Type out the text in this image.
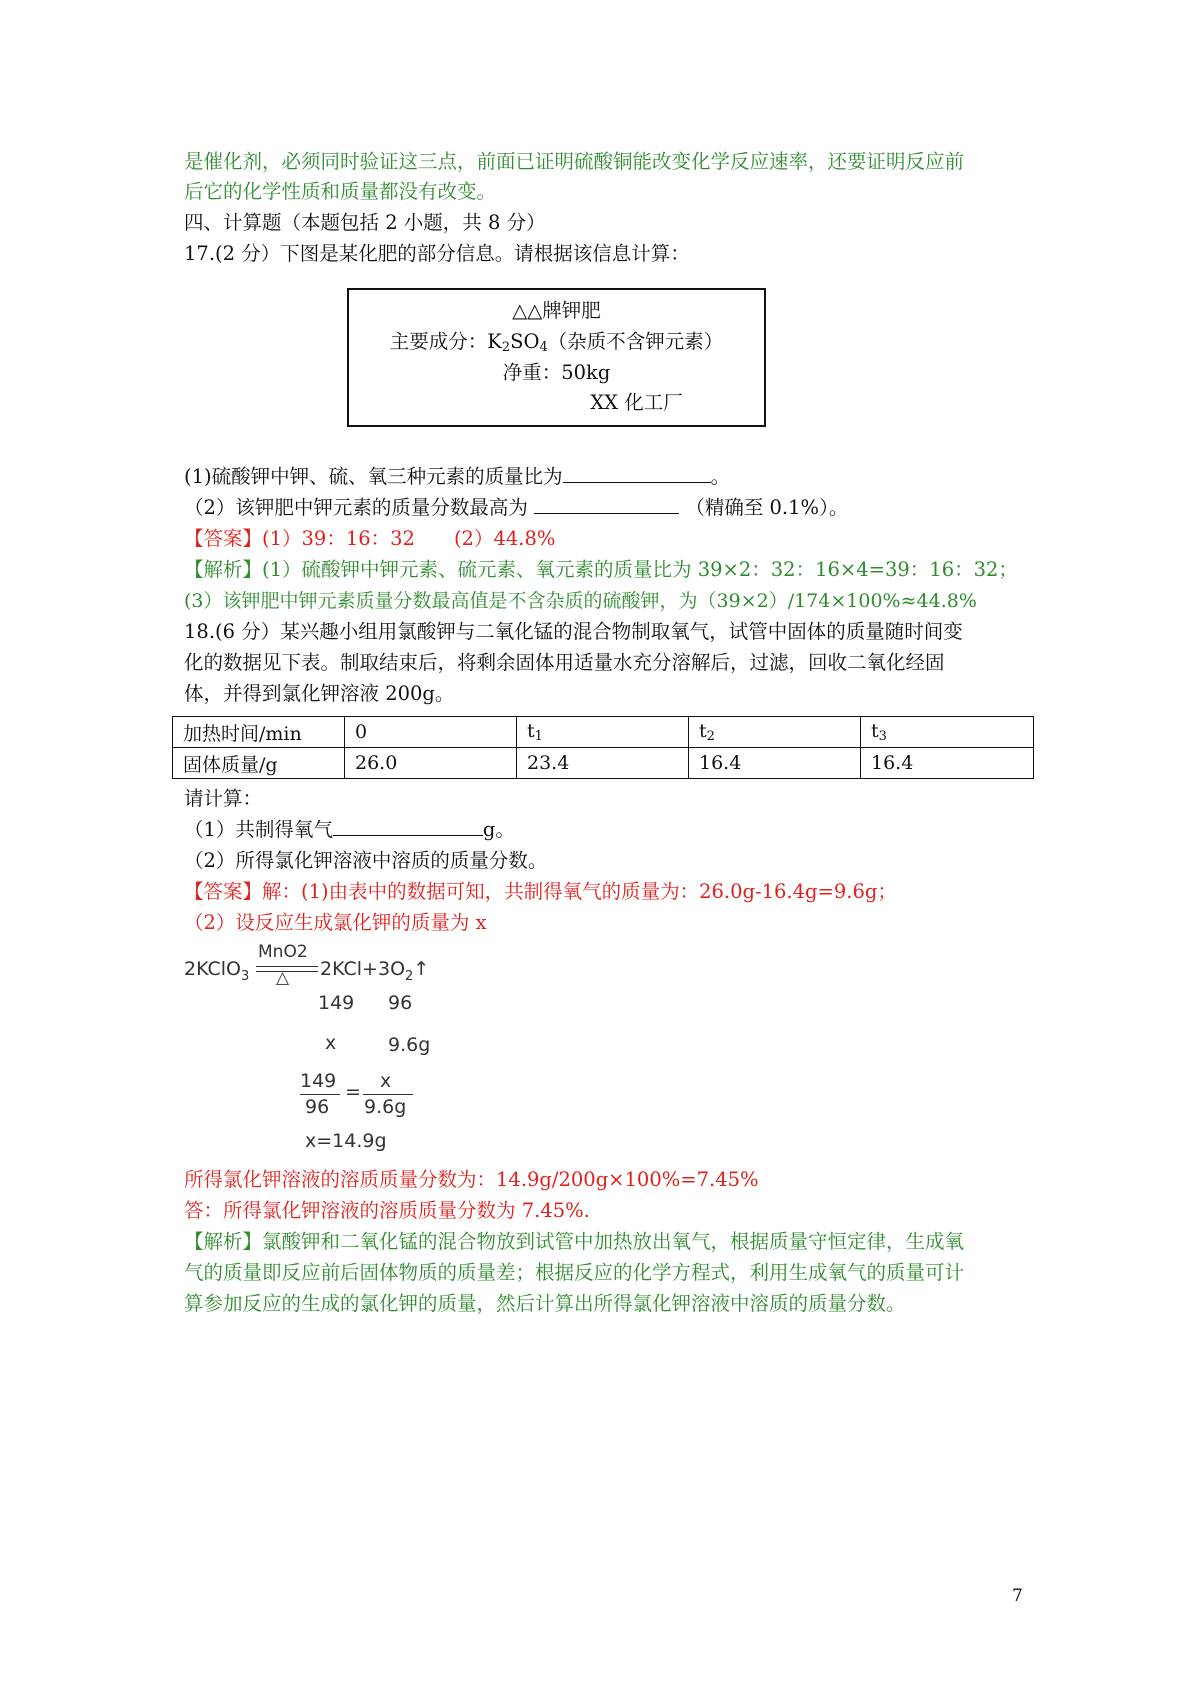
是催化剂，必须同时验证这三点，前面已证明硫酸铜能改变化学反应速率，还要证明反应前
后它的化学性质和质量都没有改变。
四、计算题（本题包括 2 小题，共 8 分）
17.(2 分）下图是某化肥的部分信息。请根据该信息计算：
△△牌钾肥
主要成分：$K_2SO_4$（杂质不含钾元素）
净重：50kg
XX 化工厂
(1)硫酸钾中钾、硫、氧三种元素的质量比为	。
（2）该钾肥中钾元素的质量分数最高为	（精确至 0.1%）。
【答案】(1）39：16：32　　(2）44.8%
【解析】(1）硫酸钾中钾元素、硫元素、氧元素的质量比为 39×2：32：16×4=39：16：32；
(3）该钾肥中钾元素质量分数最高值是不含杂质的硫酸钾，为（39×2）/174×100%≈44.8%
18.(6 分）某兴趣小组用氯酸钾与二氧化锰的混合物制取氧气，试管中固体的质量随时间变
化的数据见下表。制取结束后，将剩余固体用适量水充分溶解后，过滤，回收二氧化经固
体，并得到氯化钾溶液 200g。
加热时间/min	0	$t_1$	$t_2$	$t_3$
固体质量/g	26.0	23.4	16.4	16.4
请计算：
（1）共制得氧气	g。
（2）所得氯化钾溶液中溶质的质量分数。
【答案】解：(1)由表中的数据可知，共制得氧气的质量为：26.0g-16.4g=9.6g；
（2）设反应生成氯化钾的质量为 x
2KClO$_3$
MnO2
△ $2KCl+3O_2↑$
149 96
x	9.6g
149
96
= x
9.6g
x=14.9g
所得氯化钾溶液的溶质质量分数为：14.9g/200g×100%=7.45%
答：所得氯化钾溶液的溶质质量分数为 7.45%.
【解析】氯酸钾和二氧化锰的混合物放到试管中加热放出氧气，根据质量守恒定律，生成氧
气的质量即反应前后固体物质的质量差；根据反应的化学方程式，利用生成氧气的质量可计
算参加反应的生成的氯化钾的质量，然后计算出所得氯化钾溶液中溶质的质量分数。
7
